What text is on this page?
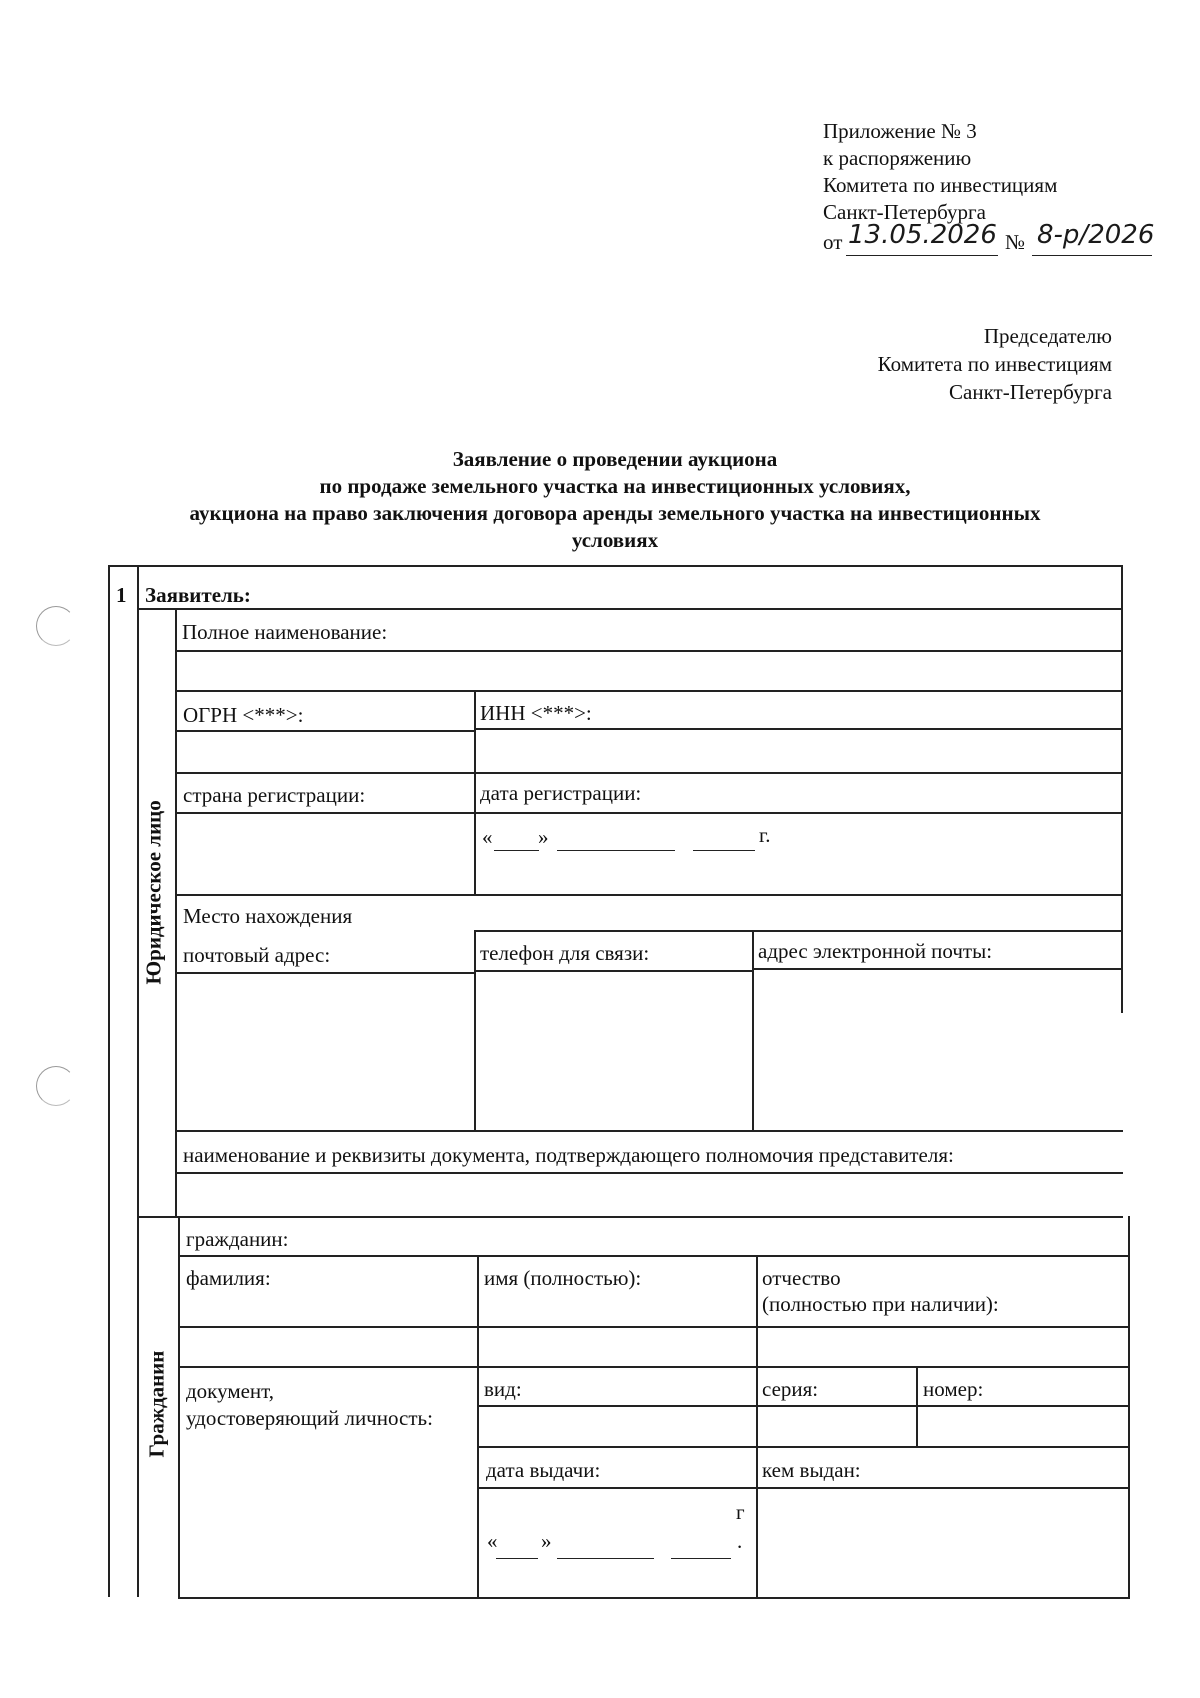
Приложение № 3
к распоряжению
Комитета по инвестициям
Санкт-Петербурга
от 13.05.2026 № 8-р/2026
Председателю
Комитета по инвестициям
Санкт-Петербурга
Заявление о проведении аукциона
по продаже земельного участка на инвестиционных условиях,
аукциона на право заключения договора аренды земельного участка на инвестиционных
условиях
1 Заявитель:
Юридическое лицо
Полное наименование:
ОГРН <***>:	ИНН <***>:
страна регистрации:	дата регистрации:
« »	г.
Место нахождения
почтовый адрес:	телефон для связи:	адрес электронной почты:
наименование и реквизиты документа, подтверждающего полномочия представителя:
Гражданин
гражданин:
фамилия:	имя (полностью):	отчество
(полностью при наличии):
документ,
удостоверяющий личность:
вид:	серия:	номер:
дата выдачи:	кем выдан:
г
« »	.
